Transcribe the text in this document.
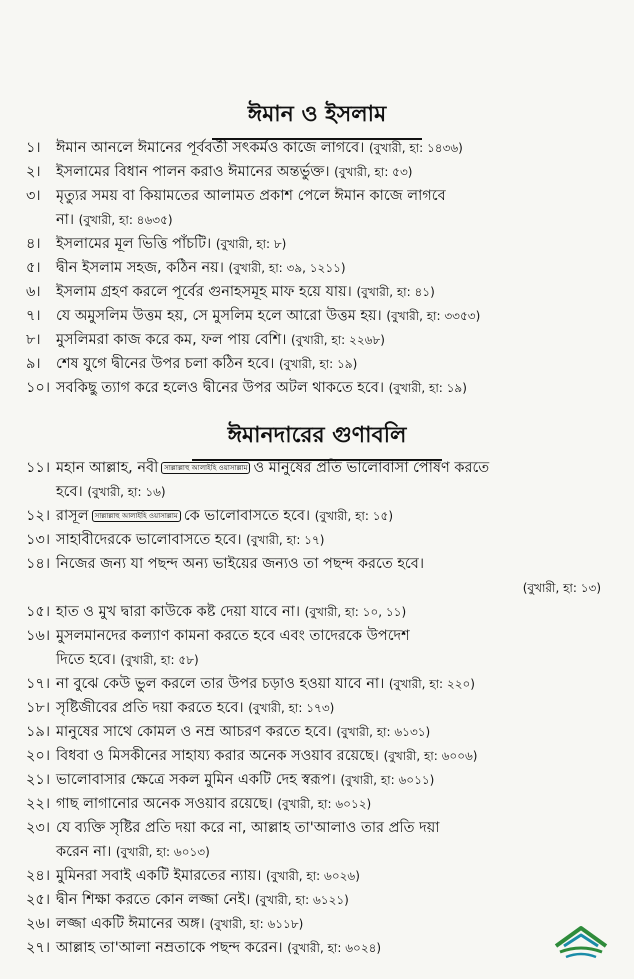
ঈমান ও ইসলাম
১। ঈমান আনলে ঈমানের পূর্ববর্তী সৎকর্মও কাজে লাগবে। (বুখারী, হা: ১৪৩৬)
২। ইসলামের বিধান পালন করাও ঈমানের অন্তর্ভুক্ত। (বুখারী, হা: ৫৩)
৩। মৃত্যুর সময় বা কিয়ামতের আলামত প্রকাশ পেলে ঈমান কাজে লাগবে
না। (বুখারী, হা: ৪৬৩৫)
৪। ইসলামের মূল ভিত্তি পাঁচটি। (বুখারী, হা: ৮)
৫। দ্বীন ইসলাম সহজ, কঠিন নয়। (বুখারী, হা: ৩৯, ১২১১)
৬। ইসলাম গ্রহণ করলে পূর্বের গুনাহসমূহ মাফ হয়ে যায়। (বুখারী, হা: ৪১)
৭। যে অমুসলিম উত্তম হয়, সে মুসলিম হলে আরো উত্তম হয়। (বুখারী, হা: ৩৩৫৩)
৮। মুসলিমরা কাজ করে কম, ফল পায় বেশি। (বুখারী, হা: ২২৬৮)
৯। শেষ যুগে দ্বীনের উপর চলা কঠিন হবে। (বুখারী, হা: ১৯)
১০। সবকিছু ত্যাগ করে হলেও দ্বীনের উপর অটল থাকতে হবে। (বুখারী, হা: ১৯)
ঈমানদারের গুণাবলি
১১। মহান আল্লাহ, নবী সাল্লাল্লাহু আলাইহি ওয়াসাল্লাম ও মানুষের প্রতি ভালোবাসা পোষণ করতে
হবে। (বুখারী, হা: ১৬)
১২। রাসূল সাল্লাল্লাহু আলাইহি ওয়াসাল্লাম কে ভালোবাসতে হবে। (বুখারী, হা: ১৫)
১৩। সাহাবীদেরকে ভালোবাসতে হবে। (বুখারী, হা: ১৭)
১৪। নিজের জন্য যা পছন্দ অন্য ভাইয়ের জন্যও তা পছন্দ করতে হবে।
(বুখারী, হা: ১৩)
১৫। হাত ও মুখ দ্বারা কাউকে কষ্ট দেয়া যাবে না। (বুখারী, হা: ১০, ১১)
১৬। মুসলমানদের কল্যাণ কামনা করতে হবে এবং তাদেরকে উপদেশ
দিতে হবে। (বুখারী, হা: ৫৮)
১৭। না বুঝে কেউ ভুল করলে তার উপর চড়াও হওয়া যাবে না। (বুখারী, হা: ২২০)
১৮। সৃষ্টিজীবের প্রতি দয়া করতে হবে। (বুখারী, হা: ১৭৩)
১৯। মানুষের সাথে কোমল ও নম্র আচরণ করতে হবে। (বুখারী, হা: ৬১৩১)
২০। বিধবা ও মিসকীনের সাহায্য করার অনেক সওয়াব রয়েছে। (বুখারী, হা: ৬০০৬)
২১। ভালোবাসার ক্ষেত্রে সকল মুমিন একটি দেহ স্বরূপ। (বুখারী, হা: ৬০১১)
২২। গাছ লাগানোর অনেক সওয়াব রয়েছে। (বুখারী, হা: ৬০১২)
২৩। যে ব্যক্তি সৃষ্টির প্রতি দয়া করে না, আল্লাহ তা'আলাও তার প্রতি দয়া
করেন না। (বুখারী, হা: ৬০১৩)
২৪। মুমিনরা সবাই একটি ইমারতের ন্যায়। (বুখারী, হা: ৬০২৬)
২৫। দ্বীন শিক্ষা করতে কোন লজ্জা নেই। (বুখারী, হা: ৬১২১)
২৬। লজ্জা একটি ঈমানের অঙ্গ। (বুখারী, হা: ৬১১৮)
২৭। আল্লাহ তা'আলা নম্রতাকে পছন্দ করেন। (বুখারী, হা: ৬০২৪)
